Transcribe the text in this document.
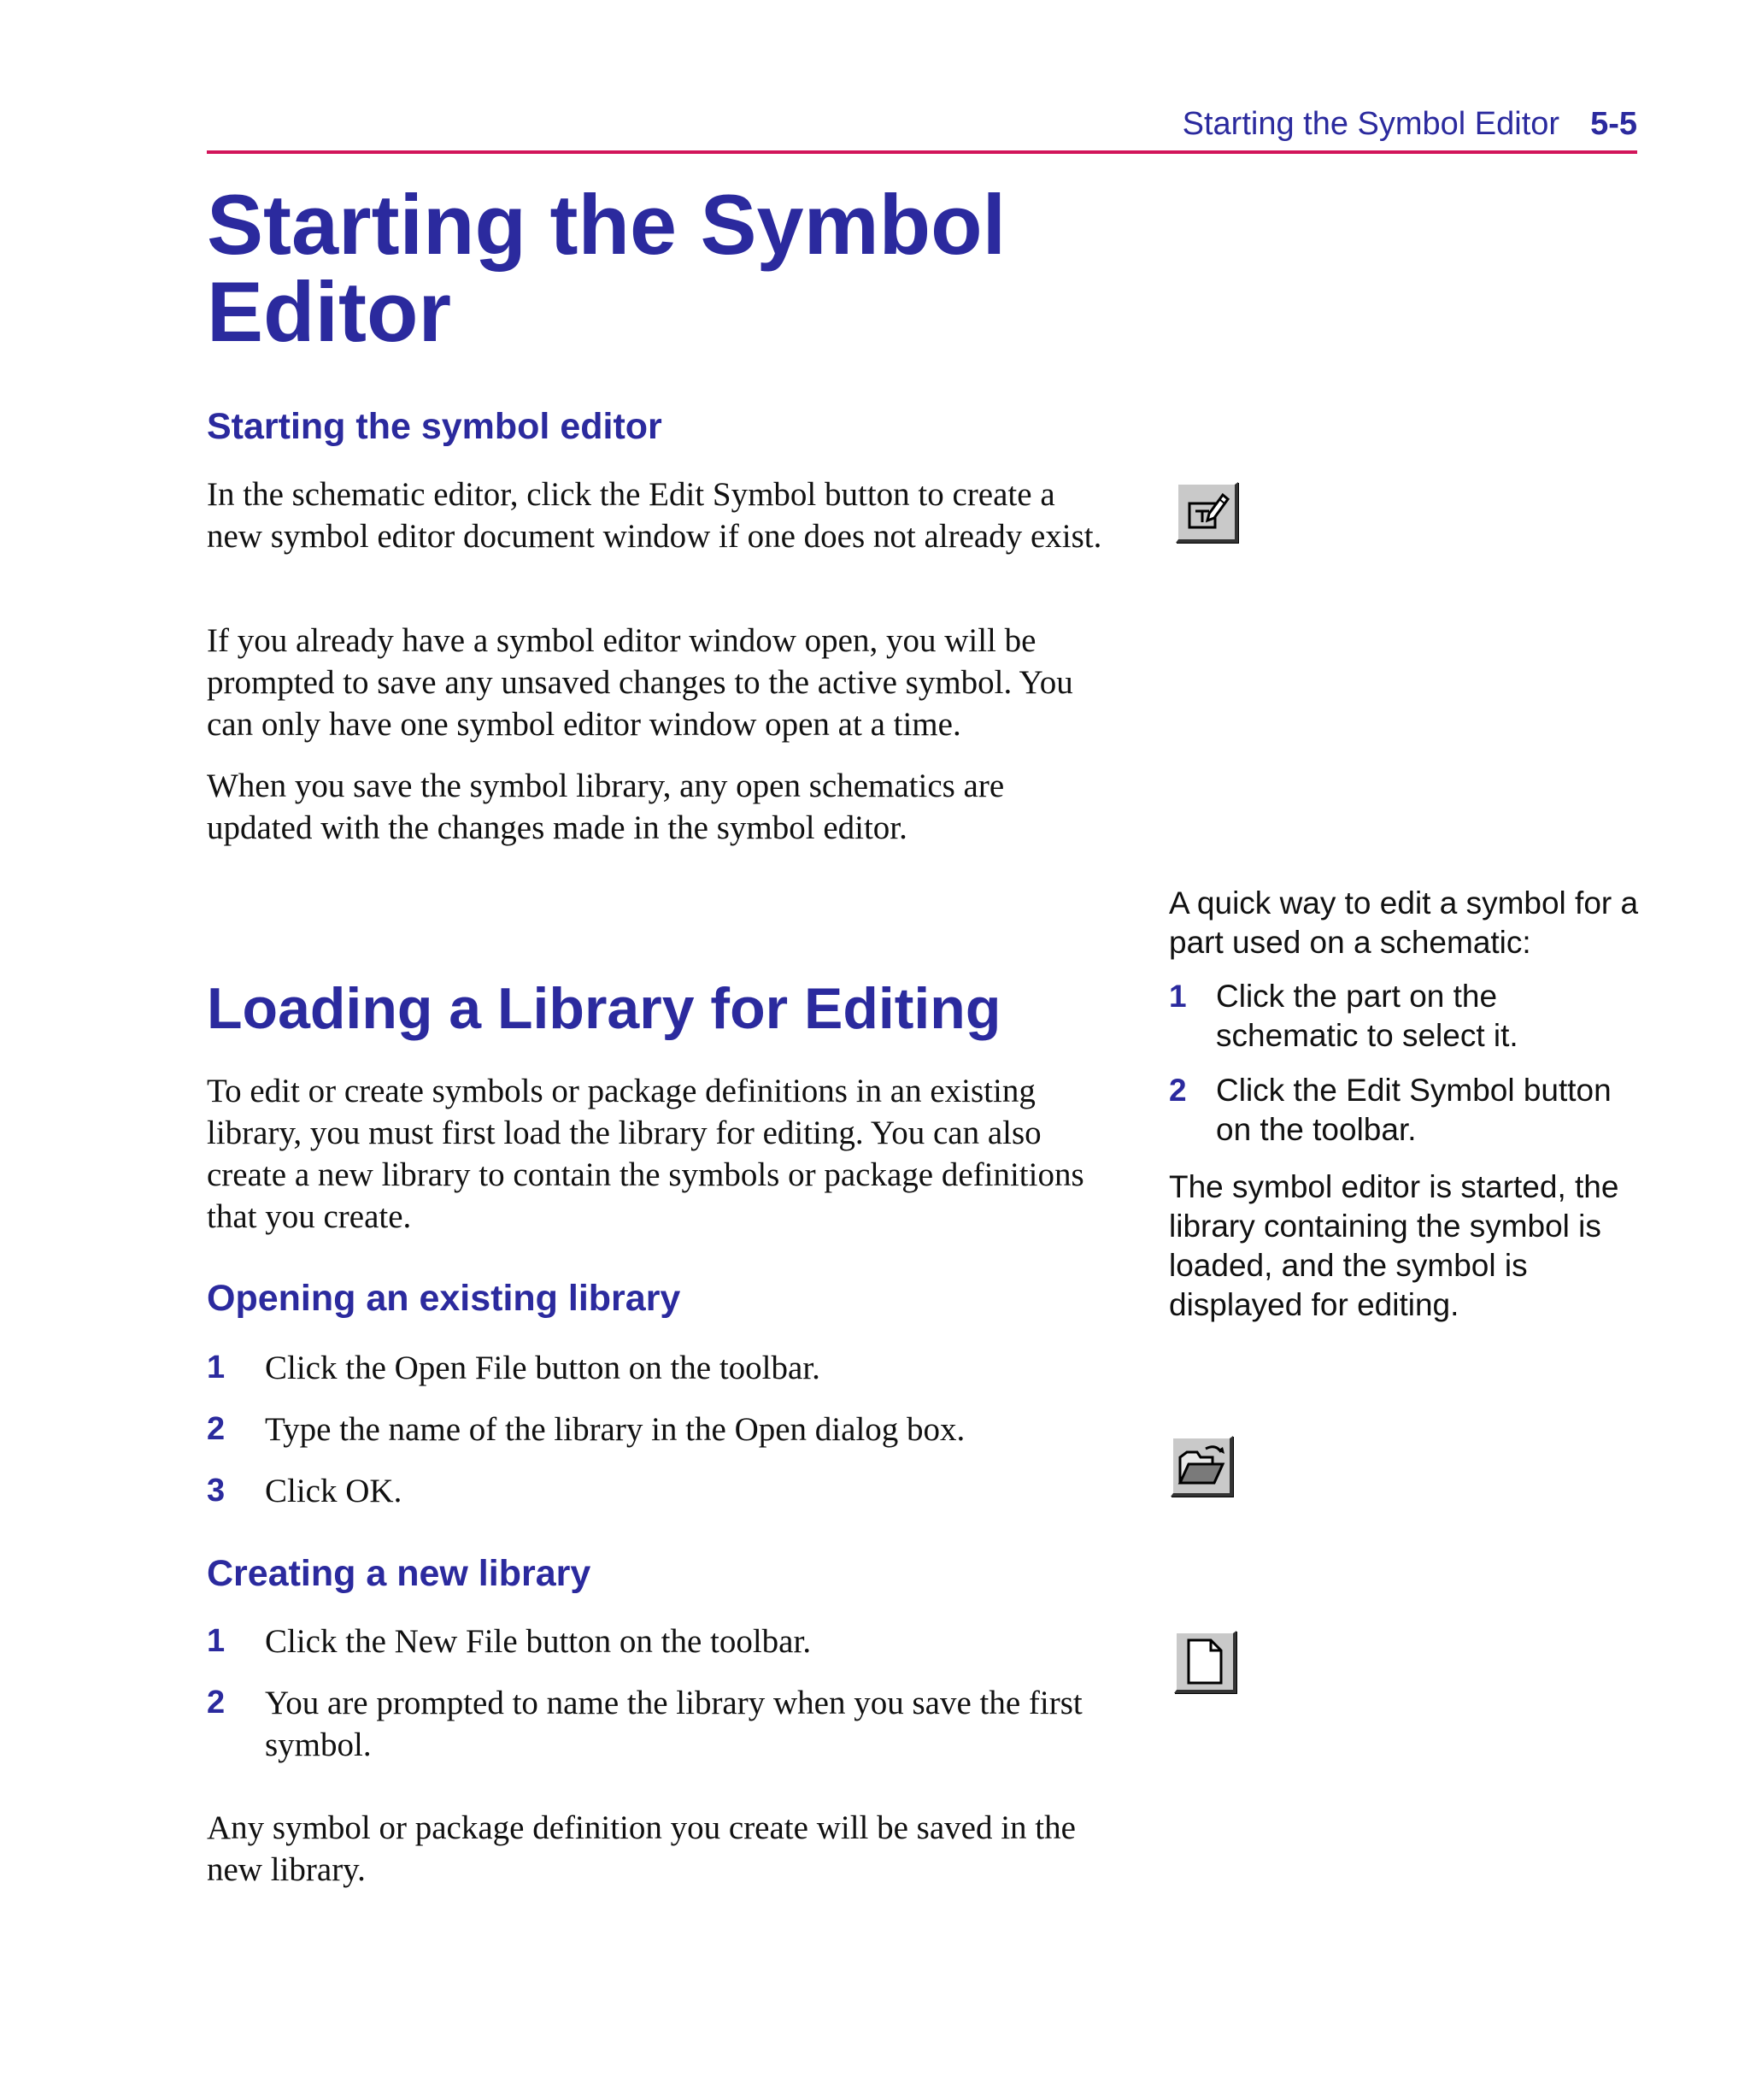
Starting the Symbol Editor 5-5
Starting the Symbol Editor
Starting the symbol editor

In the schematic editor, click the Edit Symbol button to create a new symbol editor document window if one does not already exist.

If you already have a symbol editor window open, you will be prompted to save any unsaved changes to the active symbol. You can only have one symbol editor window open at a time.

When you save the symbol library, any open schematics are updated with the changes made in the symbol editor.

Loading a Library for Editing

To edit or create symbols or package definitions in an existing library, you must first load the library for editing. You can also create a new library to contain the symbols or package definitions that you create.

Opening an existing library
1 Click the Open File button on the toolbar.
2 Type the name of the library in the Open dialog box.
3 Click OK.
Creating a new library
1 Click the New File button on the toolbar.
2 You are prompted to name the library when you save the first symbol.

Any symbol or package definition you create will be saved in the new library.

A quick way to edit a symbol for a part used on a schematic:

1 Click the part on the schematic to select it.
2 Click the Edit Symbol button on the toolbar.

The symbol editor is started, the library containing the symbol is loaded, and the symbol is displayed for editing.
